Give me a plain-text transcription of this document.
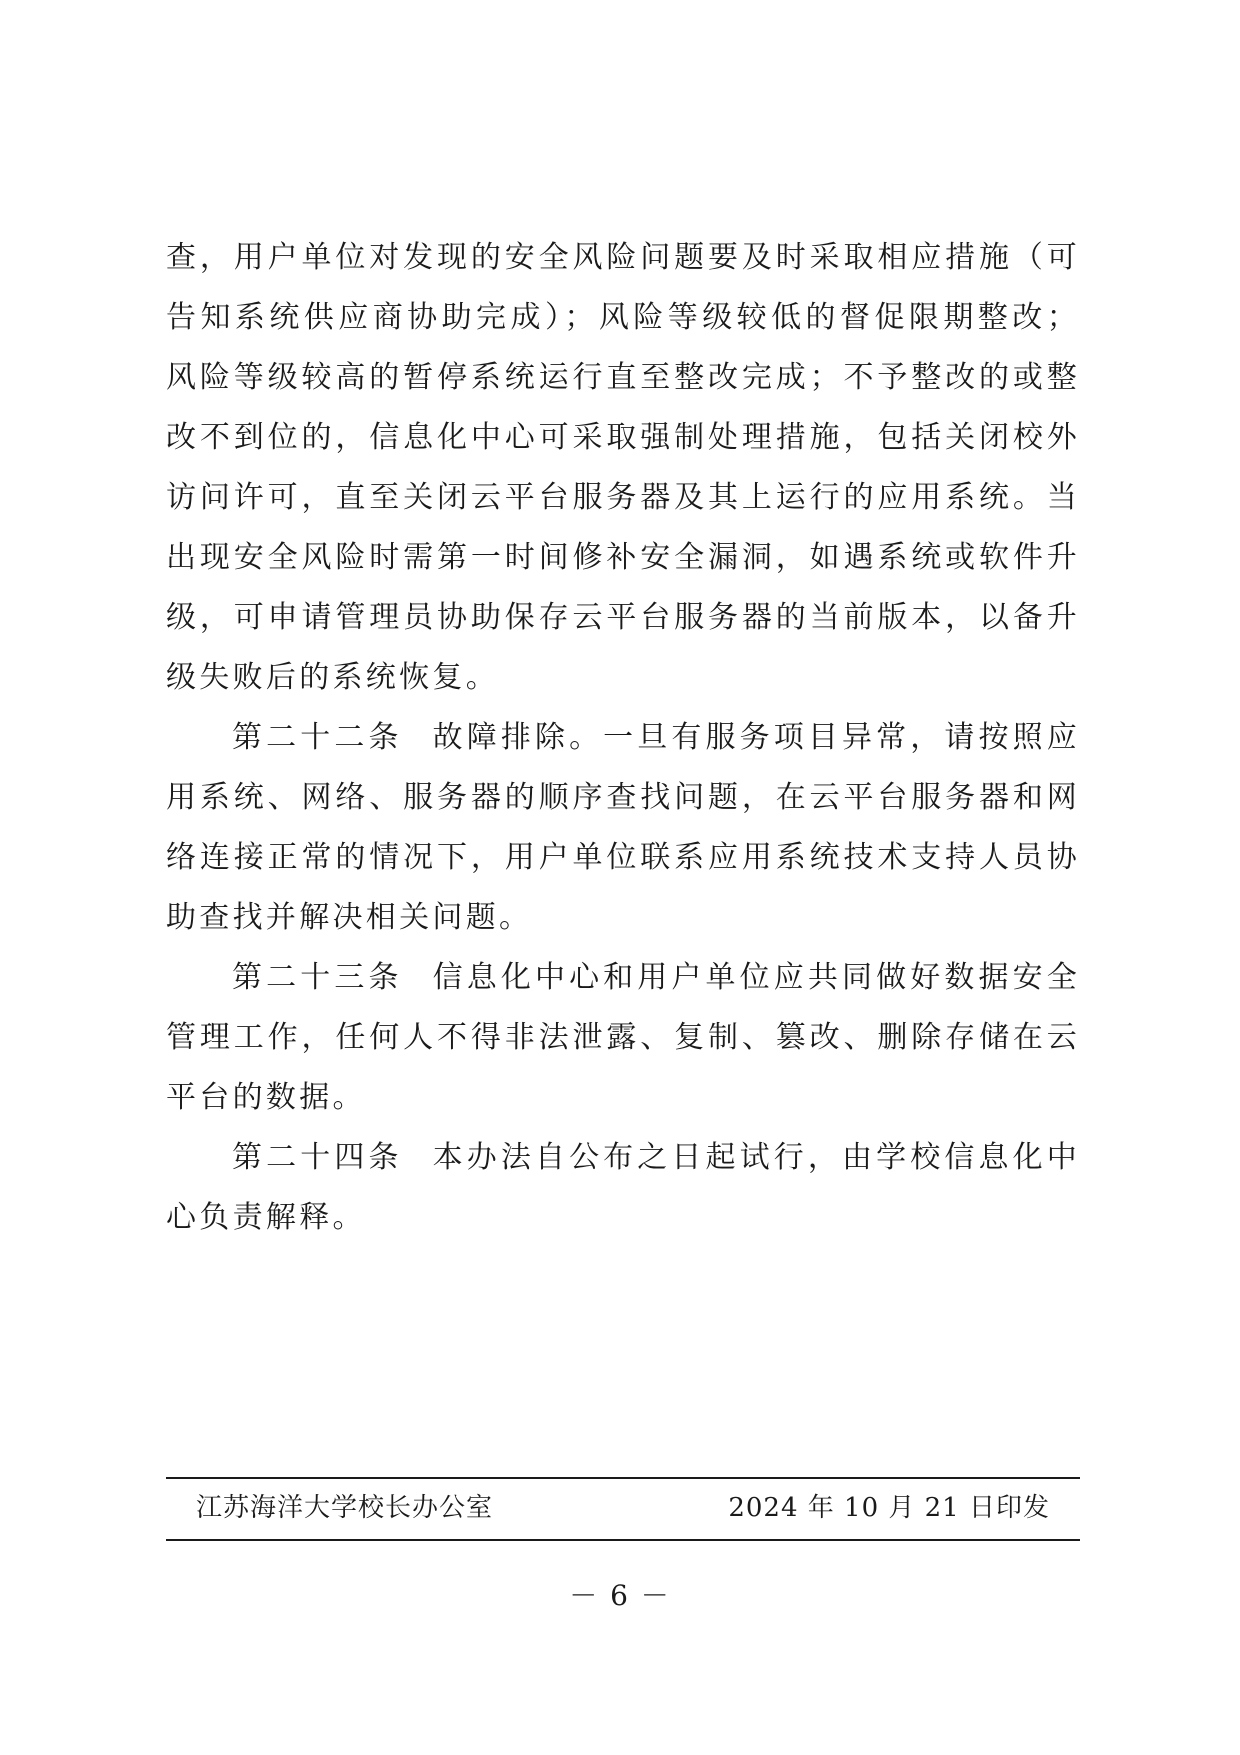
查，用户单位对发现的安全风险问题要及时采取相应措施（可告知系统供应商协助完成）；风险等级较低的督促限期整改；风险等级较高的暂停系统运行直至整改完成；不予整改的或整改不到位的，信息化中心可采取强制处理措施，包括关闭校外访问许可，直至关闭云平台服务器及其上运行的应用系统。当出现安全风险时需第一时间修补安全漏洞，如遇系统或软件升级，可申请管理员协助保存云平台服务器的当前版本，以备升级失败后的系统恢复。

第二十二条 故障排除。一旦有服务项目异常，请按照应用系统、网络、服务器的顺序查找问题，在云平台服务器和网络连接正常的情况下，用户单位联系应用系统技术支持人员协助查找并解决相关问题。

第二十三条 信息化中心和用户单位应共同做好数据安全管理工作，任何人不得非法泄露、复制、篡改、删除存储在云平台的数据。

第二十四条 本办法自公布之日起试行，由学校信息化中心负责解释。

江苏海洋大学校长办公室	2024 年 10 月 21 日印发
－ 6 －
